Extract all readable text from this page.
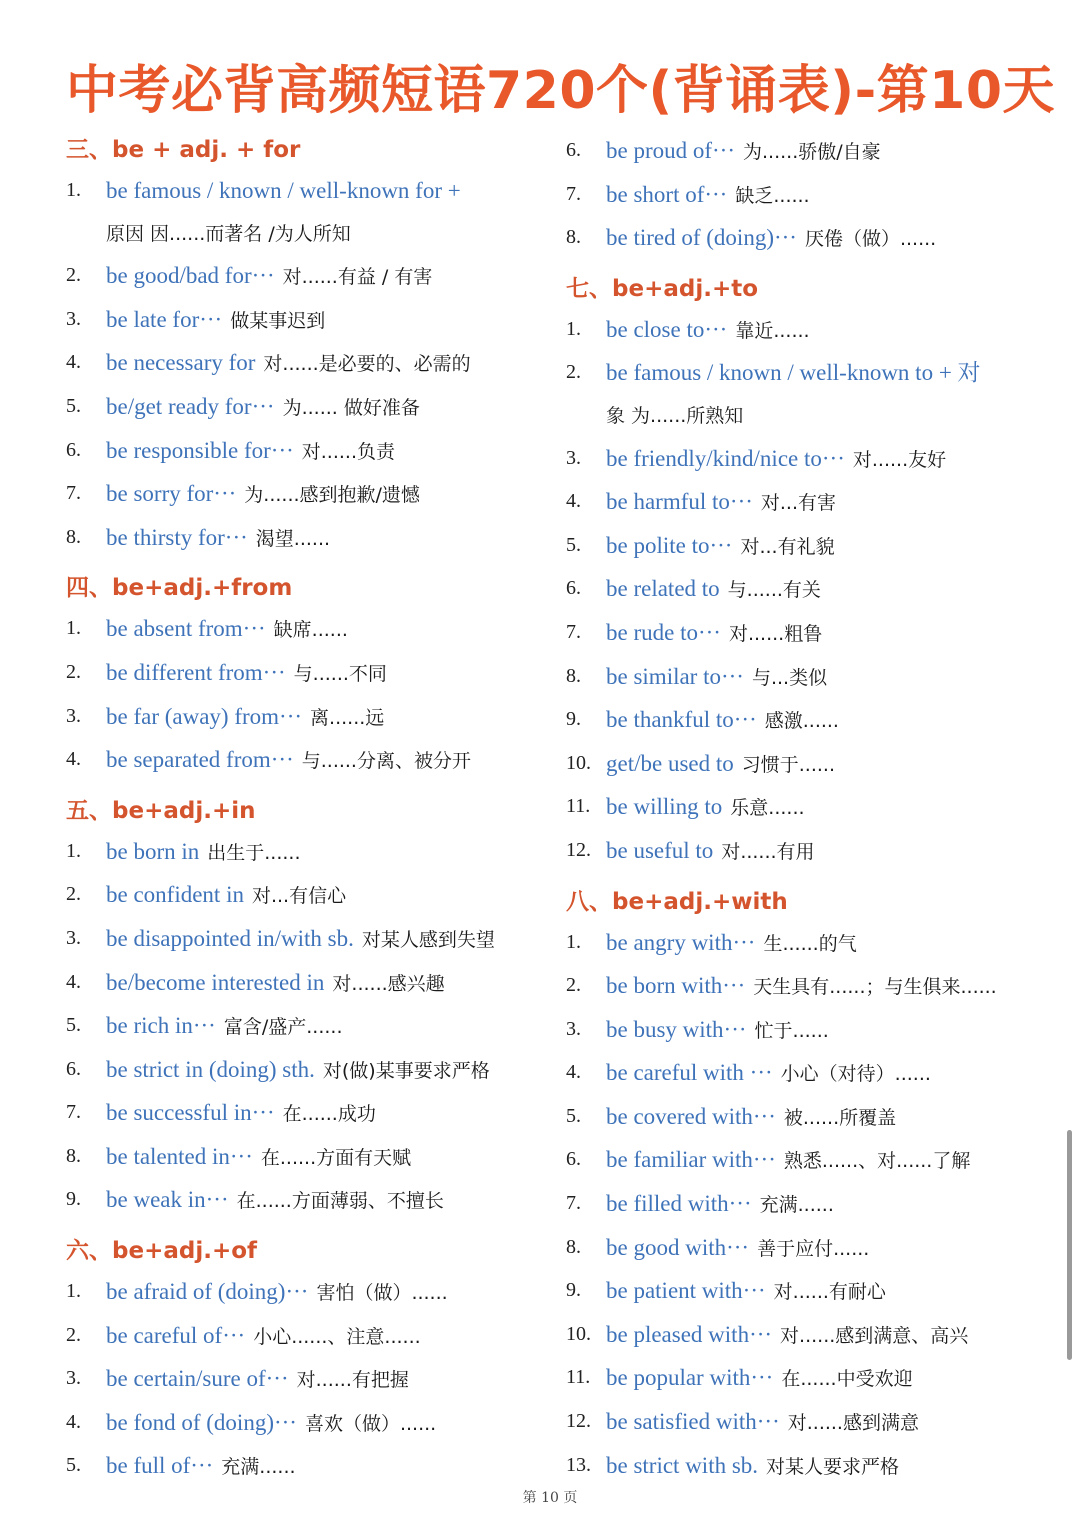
中考必背高频短语720个(背诵表)-第10天
三、be + adj. + for
1.	be famous / known / well-known for +
原因 因......而著名 /为人所知
2.	be good/bad for··· 对......有益 / 有害
3.	be late for··· 做某事迟到
4.	be necessary for 对......是必要的、必需的
5.	be/get ready for··· 为...... 做好准备
6.	be responsible for··· 对......负责
7.	be sorry for··· 为......感到抱歉/遗憾
8.	be thirsty for··· 渴望......
四、be+adj.+from
1.	be absent from··· 缺席......
2.	be different from··· 与......不同
3.	be far (away) from··· 离......远
4.	be separated from··· 与......分离、被分开
五、be+adj.+in
1.	be born in 出生于......
2.	be confident in 对...有信心
3.	be disappointed in/with sb. 对某人感到失望
4.	be/become interested in 对......感兴趣
5.	be rich in··· 富含/盛产......
6.	be strict in (doing) sth. 对(做)某事要求严格
7.	be successful in··· 在......成功
8.	be talented in··· 在......方面有天赋
9.	be weak in··· 在......方面薄弱、不擅长
六、be+adj.+of
1.	be afraid of (doing)··· 害怕（做）......
2.	be careful of··· 小心......、注意......
3.	be certain/sure of··· 对......有把握
4.	be fond of (doing)··· 喜欢（做）......
5.	be full of··· 充满......
6.	be proud of··· 为......骄傲/自豪
7.	be short of··· 缺乏......
8.	be tired of (doing)··· 厌倦（做）......
七、be+adj.+to
1.	be close to··· 靠近......
2.	be famous / known / well-known to + 对
象 为......所熟知
3.	be friendly/kind/nice to··· 对......友好
4.	be harmful to··· 对...有害
5.	be polite to··· 对...有礼貌
6.	be related to 与......有关
7.	be rude to··· 对......粗鲁
8.	be similar to··· 与...类似
9.	be thankful to··· 感激......
10. get/be used to 习惯于......
11. be willing to 乐意......
12. be useful to 对......有用
八、be+adj.+with
1.	be angry with··· 生......的气
2.	be born with··· 天生具有......；与生俱来......
3.	be busy with··· 忙于......
4.	be careful with ··· 小心（对待）......
5.	be covered with··· 被......所覆盖
6.	be familiar with··· 熟悉......、对......了解
7.	be filled with··· 充满......
8.	be good with··· 善于应付......
9.	be patient with··· 对......有耐心
10. be pleased with··· 对......感到满意、高兴
11. be popular with··· 在......中受欢迎
12. be satisfied with··· 对......感到满意
13. be strict with sb. 对某人要求严格
第 10 页
